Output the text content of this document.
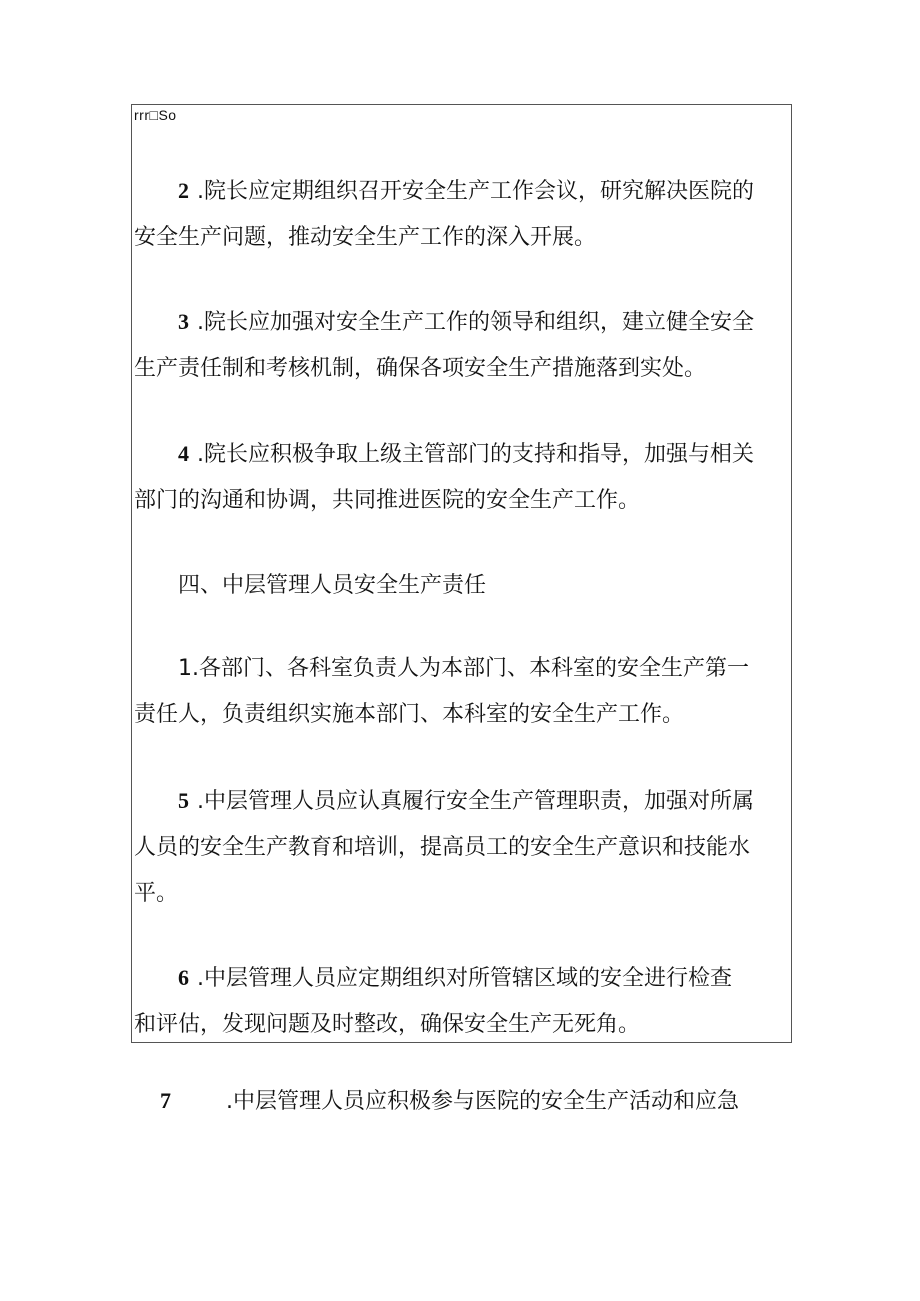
rrr□So
2 .院长应定期组织召开安全生产工作会议，研究解决医院的
安全生产问题，推动安全生产工作的深入开展。
3 .院长应加强对安全生产工作的领导和组织，建立健全安全
生产责任制和考核机制，确保各项安全生产措施落到实处。
4 .院长应积极争取上级主管部门的支持和指导，加强与相关
部门的沟通和协调，共同推进医院的安全生产工作。
四、中层管理人员安全生产责任
1.各部门、各科室负责人为本部门、本科室的安全生产第一
责任人，负责组织实施本部门、本科室的安全生产工作。
5 .中层管理人员应认真履行安全生产管理职责，加强对所属
人员的安全生产教育和培训，提高员工的安全生产意识和技能水
平。
6 .中层管理人员应定期组织对所管辖区域的安全进行检查
和评估，发现问题及时整改，确保安全生产无死角。
7	.中层管理人员应积极参与医院的安全生产活动和应急
